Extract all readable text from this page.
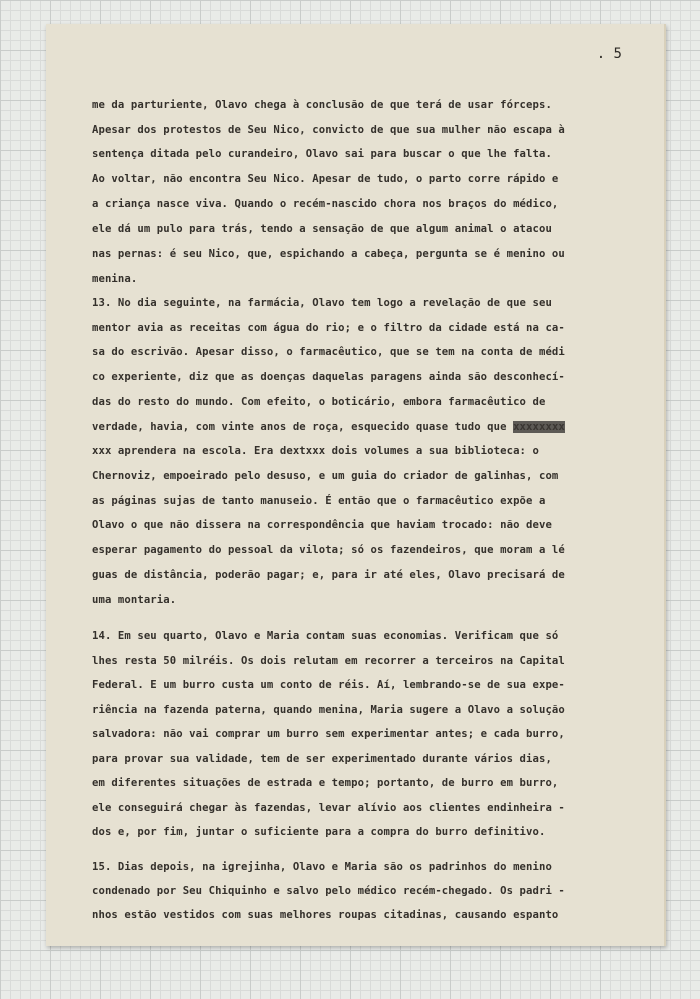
. 5
me da parturiente, Olavo chega à conclusão de que terá de usar fórceps.
Apesar dos protestos de Seu Nico, convicto de que sua mulher não escapa à
sentença ditada pelo curandeiro, Olavo sai para buscar o que lhe falta.
Ao voltar, não encontra Seu Nico. Apesar de tudo, o parto corre rápido e
a criança nasce viva. Quando o recém-nascido chora nos braços do médico,
ele dá um pulo para trás, tendo a sensação de que algum animal o atacou
nas pernas: é seu Nico, que, espichando a cabeça, pergunta se é menino ou
menina.
13. No dia seguinte, na farmácia, Olavo tem logo a revelação de que seu
mentor avia as receitas com água do rio; e o filtro da cidade está na ca-
sa do escrivão. Apesar disso, o farmacêutico, que se tem na conta de médi
co experiente, diz que as doenças daquelas paragens ainda são desconhecí-
das do resto do mundo. Com efeito, o boticário, embora farmacêutico de
verdade, havia, com vinte anos de roça, esquecido quase tudo que xxxxxxxx
xxx aprendera na escola. Era dextxxx dois volumes a sua biblioteca: o
Chernoviz, empoeirado pelo desuso, e um guia do criador de galinhas, com
as páginas sujas de tanto manuseio. É então que o farmacêutico expõe a
Olavo o que não dissera na correspondência que haviam trocado: não deve
esperar pagamento do pessoal da vilota; só os fazendeiros, que moram a lé
guas de distância, poderão pagar; e, para ir até eles, Olavo precisará de
uma montaria.
14. Em seu quarto, Olavo e Maria contam suas economias. Verificam que só
lhes resta 50 milréis. Os dois relutam em recorrer a terceiros na Capital
Federal. E um burro custa um conto de réis. Aí, lembrando-se de sua expe-
riência na fazenda paterna, quando menina, Maria sugere a Olavo a solução
salvadora: não vai comprar um burro sem experimentar antes; e cada burro,
para provar sua validade, tem de ser experimentado durante vários dias,
em diferentes situações de estrada e tempo; portanto, de burro em burro,
ele conseguirá chegar às fazendas, levar alívio aos clientes endinheira -
dos e, por fim, juntar o suficiente para a compra do burro definitivo.
15. Dias depois, na igrejinha, Olavo e Maria são os padrinhos do menino
condenado por Seu Chiquinho e salvo pelo médico recém-chegado. Os padri -
nhos estão vestidos com suas melhores roupas citadinas, causando espanto
